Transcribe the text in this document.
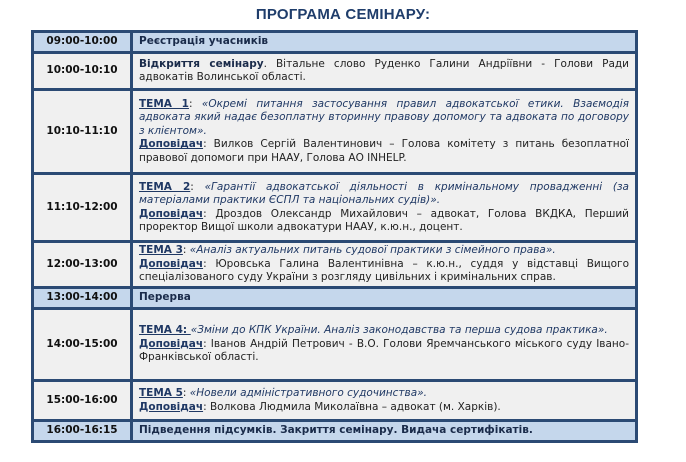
ПРОГРАМА СЕМІНАРУ:
09:00-10:00	Реєстрація учасників
10:00-10:10	Відкриття семінару. Вітальне слово Руденко Галини Андріївни - Голови Ради адвокатів Волинської області.
10:10-11:10	ТЕМА 1: «Окремі питання застосування правил адвокатської етики. Взаємодія адвоката який надає безоплатну вторинну правову допомогу та адвоката по договору з клієнтом».
Доповідач: Вилков Сергій Валентинович – Голова комітету з питань безоплатної правової допомоги при НААУ, Голова АО INHELP.
11:10-12:00	ТЕМА 2: «Гарантії адвокатської діяльності в кримінальному провадженні (за матеріалами практики ЄСПЛ та національних судів)».
Доповідач: Дроздов Олександр Михайлович – адвокат, Голова ВКДКА, Перший проректор Вищої школи адвокатури НААУ, к.ю.н., доцент.
12:00-13:00	ТЕМА 3: «Аналіз актуальних питань судової практики з сімейного права».
Доповідач: Юровська Галина Валентинівна – к.ю.н., суддя у відставці Вищого спеціалізованого суду України з розгляду цивільних і кримінальних справ.
13:00-14:00	Перерва
14:00-15:00	ТЕМА 4: «Зміни до КПК України. Аналіз законодавства та перша судова практика».
Доповідач: Іванов Андрій Петрович - В.О. Голови Яремчанського міського суду Івано-Франківської області.
15:00-16:00	ТЕМА 5: «Новели адміністративного судочинства».
Доповідач: Волкова Людмила Миколаївна – адвокат (м. Харків).
16:00-16:15	Підведення підсумків. Закриття семінару. Видача сертифікатів.
